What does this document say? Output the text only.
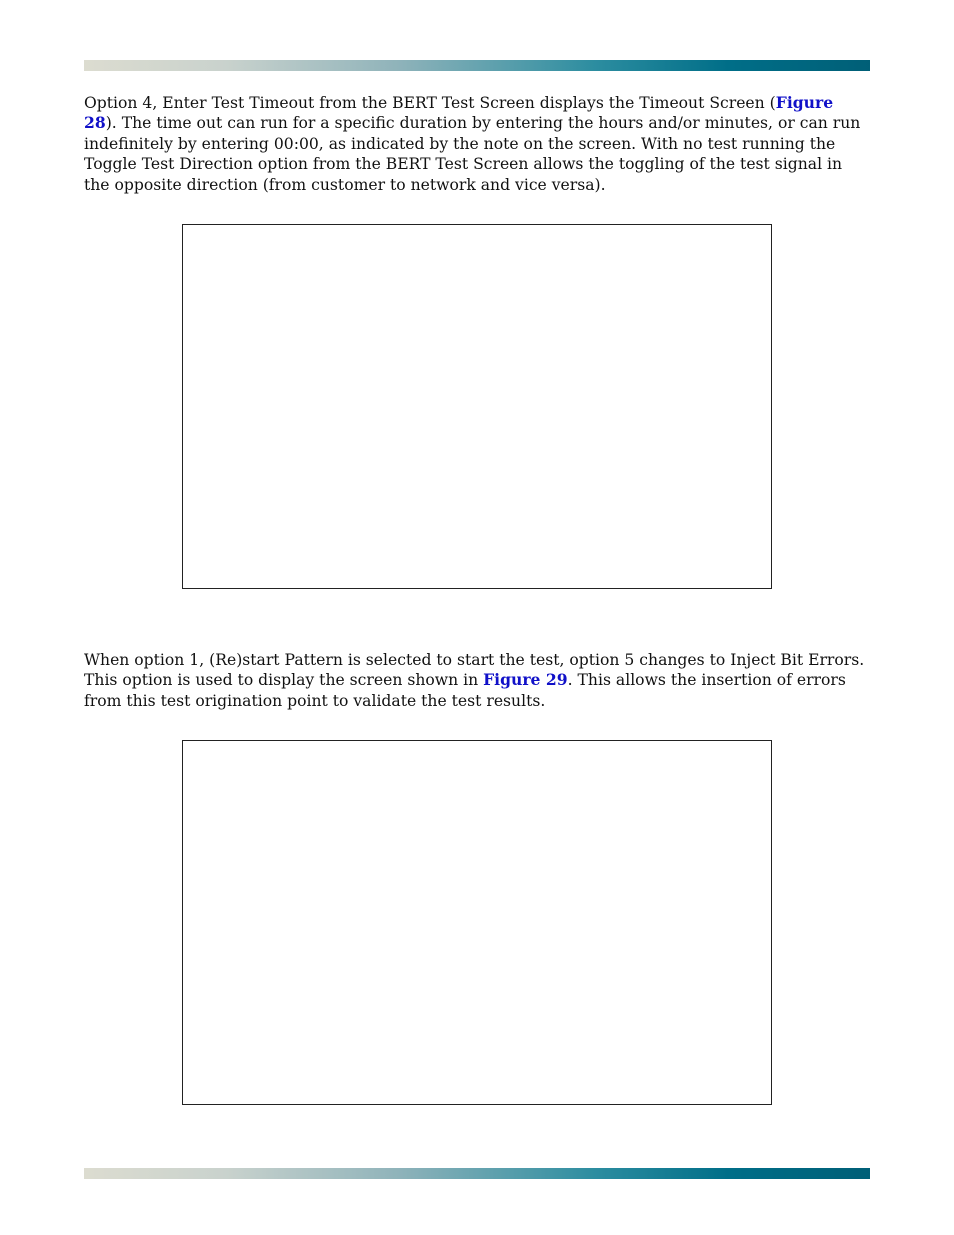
Option 4, Enter Test Timeout from the BERT Test Screen displays the Timeout Screen (Figure 28). The time out can run for a specific duration by entering the hours and/or minutes, or can run indefinitely by entering 00:00, as indicated by the note on the screen. With no test running the Toggle Test Direction option from the BERT Test Screen allows the toggling of the test signal in the opposite direction (from customer to network and vice versa).

When option 1, (Re)start Pattern is selected to start the test, option 5 changes to Inject Bit Errors. This option is used to display the screen shown in Figure 29. This allows the insertion of errors from this test origination point to validate the test results.
